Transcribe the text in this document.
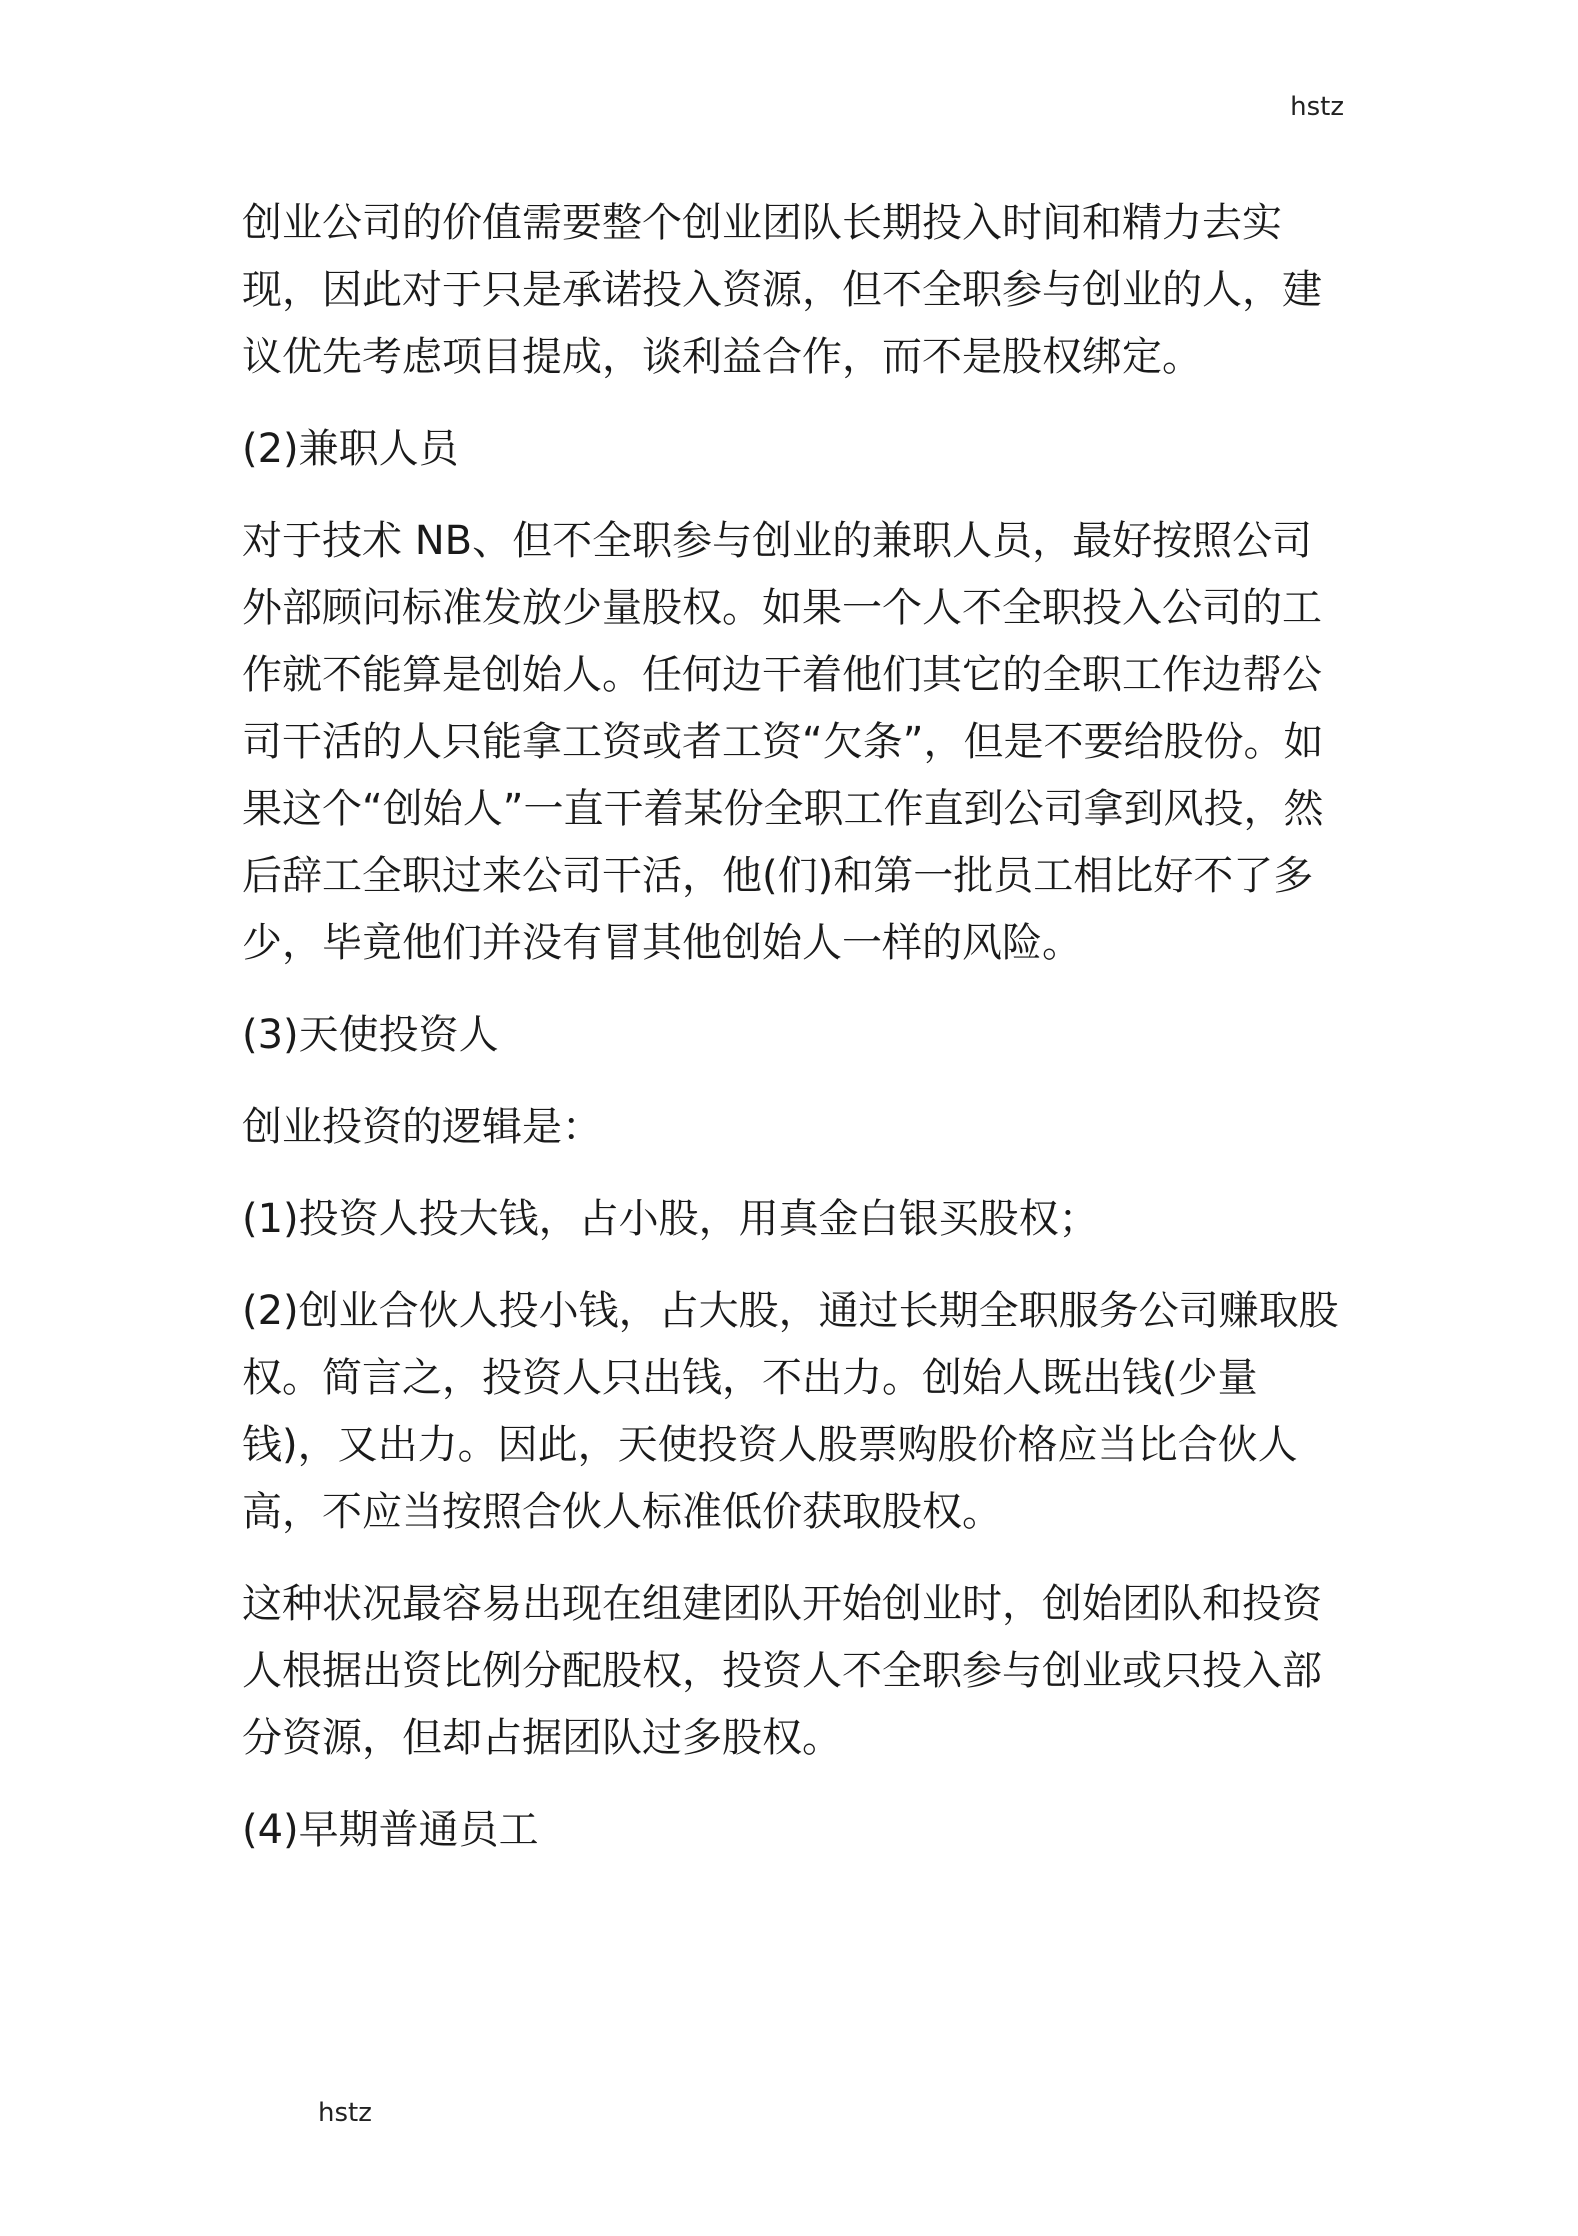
hstz

创业公司的价值需要整个创业团队长期投入时间和精力去实现，因此对于只是承诺投入资源，但不全职参与创业的人，建议优先考虑项目提成，谈利益合作，而不是股权绑定。

(2)兼职人员

对于技术 NB、但不全职参与创业的兼职人员，最好按照公司外部顾问标准发放少量股权。如果一个人不全职投入公司的工作就不能算是创始人。任何边干着他们其它的全职工作边帮公司干活的人只能拿工资或者工资“欠条”，但是不要给股份。如果这个“创始人”一直干着某份全职工作直到公司拿到风投，然后辞工全职过来公司干活，他(们)和第一批员工相比好不了多少，毕竟他们并没有冒其他创始人一样的风险。

(3)天使投资人

创业投资的逻辑是：

(1)投资人投大钱，占小股，用真金白银买股权；

(2)创业合伙人投小钱，占大股，通过长期全职服务公司赚取股权。简言之，投资人只出钱，不出力。创始人既出钱(少量钱)，又出力。因此，天使投资人股票购股价格应当比合伙人高，不应当按照合伙人标准低价获取股权。

这种状况最容易出现在组建团队开始创业时，创始团队和投资人根据出资比例分配股权，投资人不全职参与创业或只投入部分资源，但却占据团队过多股权。

(4)早期普通员工

hstz
